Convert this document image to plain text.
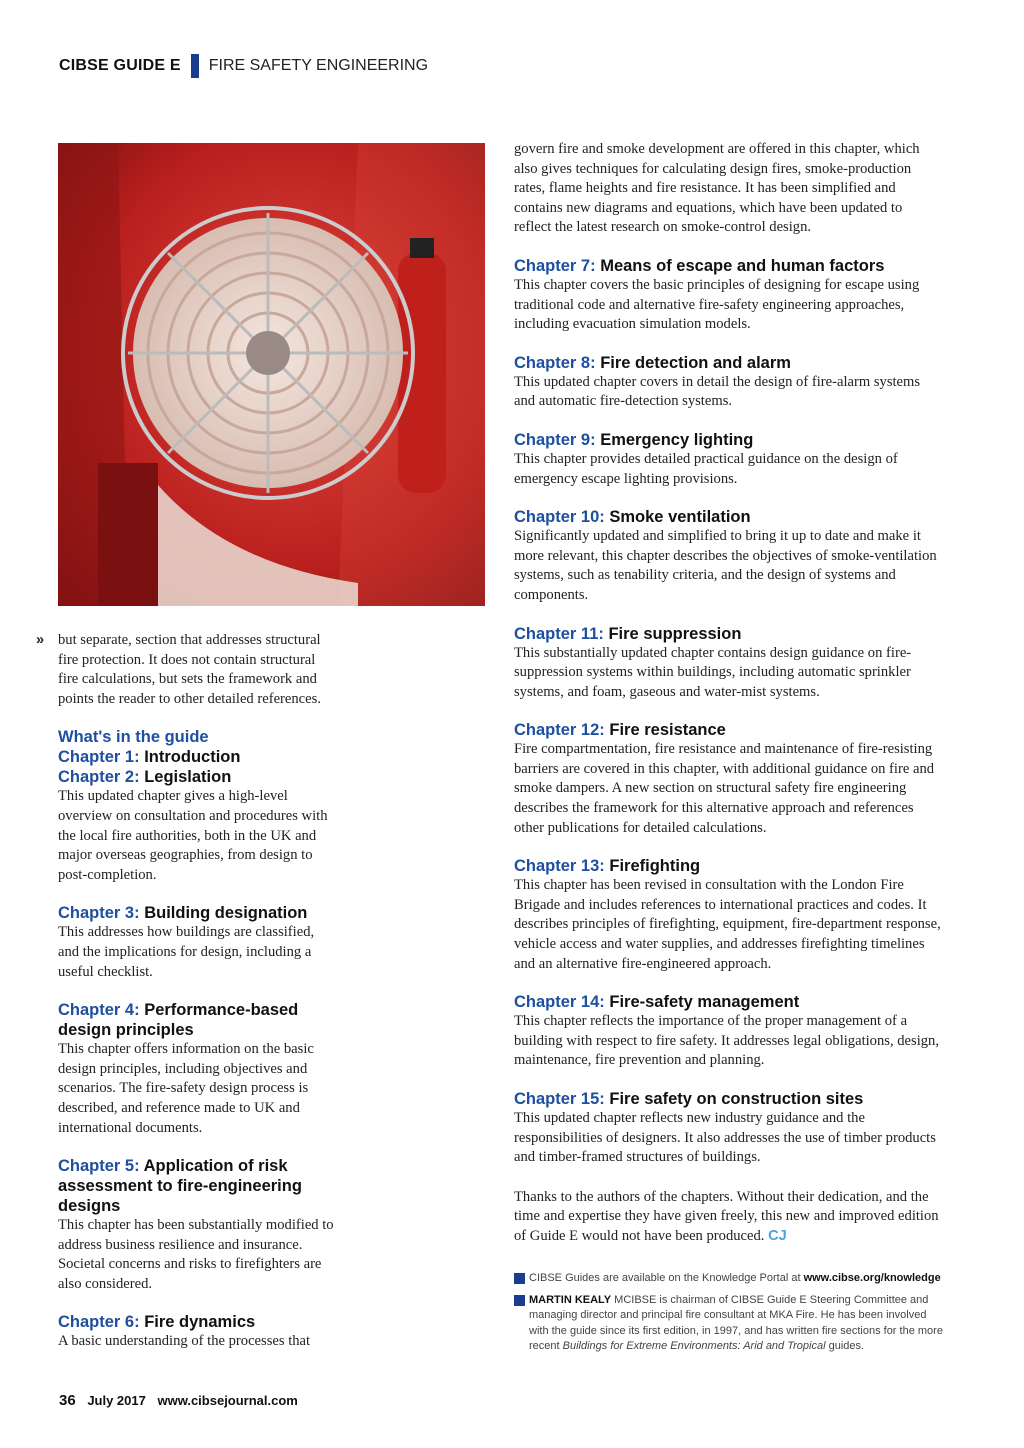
CIBSE GUIDE E FIRE SAFETY ENGINEERING
» but separate, section that addresses structural fire protection. It does not contain structural fire calculations, but sets the framework and points the reader to other detailed references.

What's in the guide
Chapter 1: Introduction
Chapter 2: Legislation

This updated chapter gives a high-level overview on consultation and procedures with the local fire authorities, both in the UK and major overseas geographies, from design to post-completion.

Chapter 3: Building designation

This addresses how buildings are classified, and the implications for design, including a useful checklist.

Chapter 4: Performance-based design principles

This chapter offers information on the basic design principles, including objectives and scenarios. The fire-safety design process is described, and reference made to UK and international documents.

Chapter 5: Application of risk assessment to fire-engineering designs

This chapter has been substantially modified to address business resilience and insurance. Societal concerns and risks to firefighters are also considered.

Chapter 6: Fire dynamics

A basic understanding of the processes that

govern fire and smoke development are offered in this chapter, which also gives techniques for calculating design fires, smoke-production rates, flame heights and fire resistance. It has been simplified and contains new diagrams and equations, which have been updated to reflect the latest research on smoke-control design.

Chapter 7: Means of escape and human factors

This chapter covers the basic principles of designing for escape using traditional code and alternative fire-safety engineering approaches, including evacuation simulation models.

Chapter 8: Fire detection and alarm

This updated chapter covers in detail the design of fire-alarm systems and automatic fire-detection systems.

Chapter 9: Emergency lighting

This chapter provides detailed practical guidance on the design of emergency escape lighting provisions.

Chapter 10: Smoke ventilation

Significantly updated and simplified to bring it up to date and make it more relevant, this chapter describes the objectives of smoke-ventilation systems, such as tenability criteria, and the design of systems and components.

Chapter 11: Fire suppression

This substantially updated chapter contains design guidance on fire-suppression systems within buildings, including automatic sprinkler systems, and foam, gaseous and water-mist systems.

Chapter 12: Fire resistance

Fire compartmentation, fire resistance and maintenance of fire-resisting barriers are covered in this chapter, with additional guidance on fire and smoke dampers. A new section on structural safety fire engineering describes the framework for this alternative approach and references other publications for detailed calculations.

Chapter 13: Firefighting

This chapter has been revised in consultation with the London Fire Brigade and includes references to international practices and codes. It describes principles of firefighting, equipment, fire-department response, vehicle access and water supplies, and addresses firefighting timelines and an alternative fire-engineered approach.

Chapter 14: Fire-safety management

This chapter reflects the importance of the proper management of a building with respect to fire safety. It addresses legal obligations, design, maintenance, fire prevention and planning.

Chapter 15: Fire safety on construction sites

This updated chapter reflects new industry guidance and the responsibilities of designers. It also addresses the use of timber products and timber-framed structures of buildings.

Thanks to the authors of the chapters. Without their dedication, and the time and expertise they have given freely, this new and improved edition of Guide E would not have been produced. CJ

CIBSE Guides are available on the Knowledge Portal at www.cibse.org/knowledge
MARTIN KEALY MCIBSE is chairman of CIBSE Guide E Steering Committee and managing director and principal fire consultant at MKA Fire. He has been involved with the guide since its first edition, in 1997, and has written fire sections for the more recent Buildings for Extreme Environments: Arid and Tropical guides.
36 July 2017 www.cibsejournal.com
